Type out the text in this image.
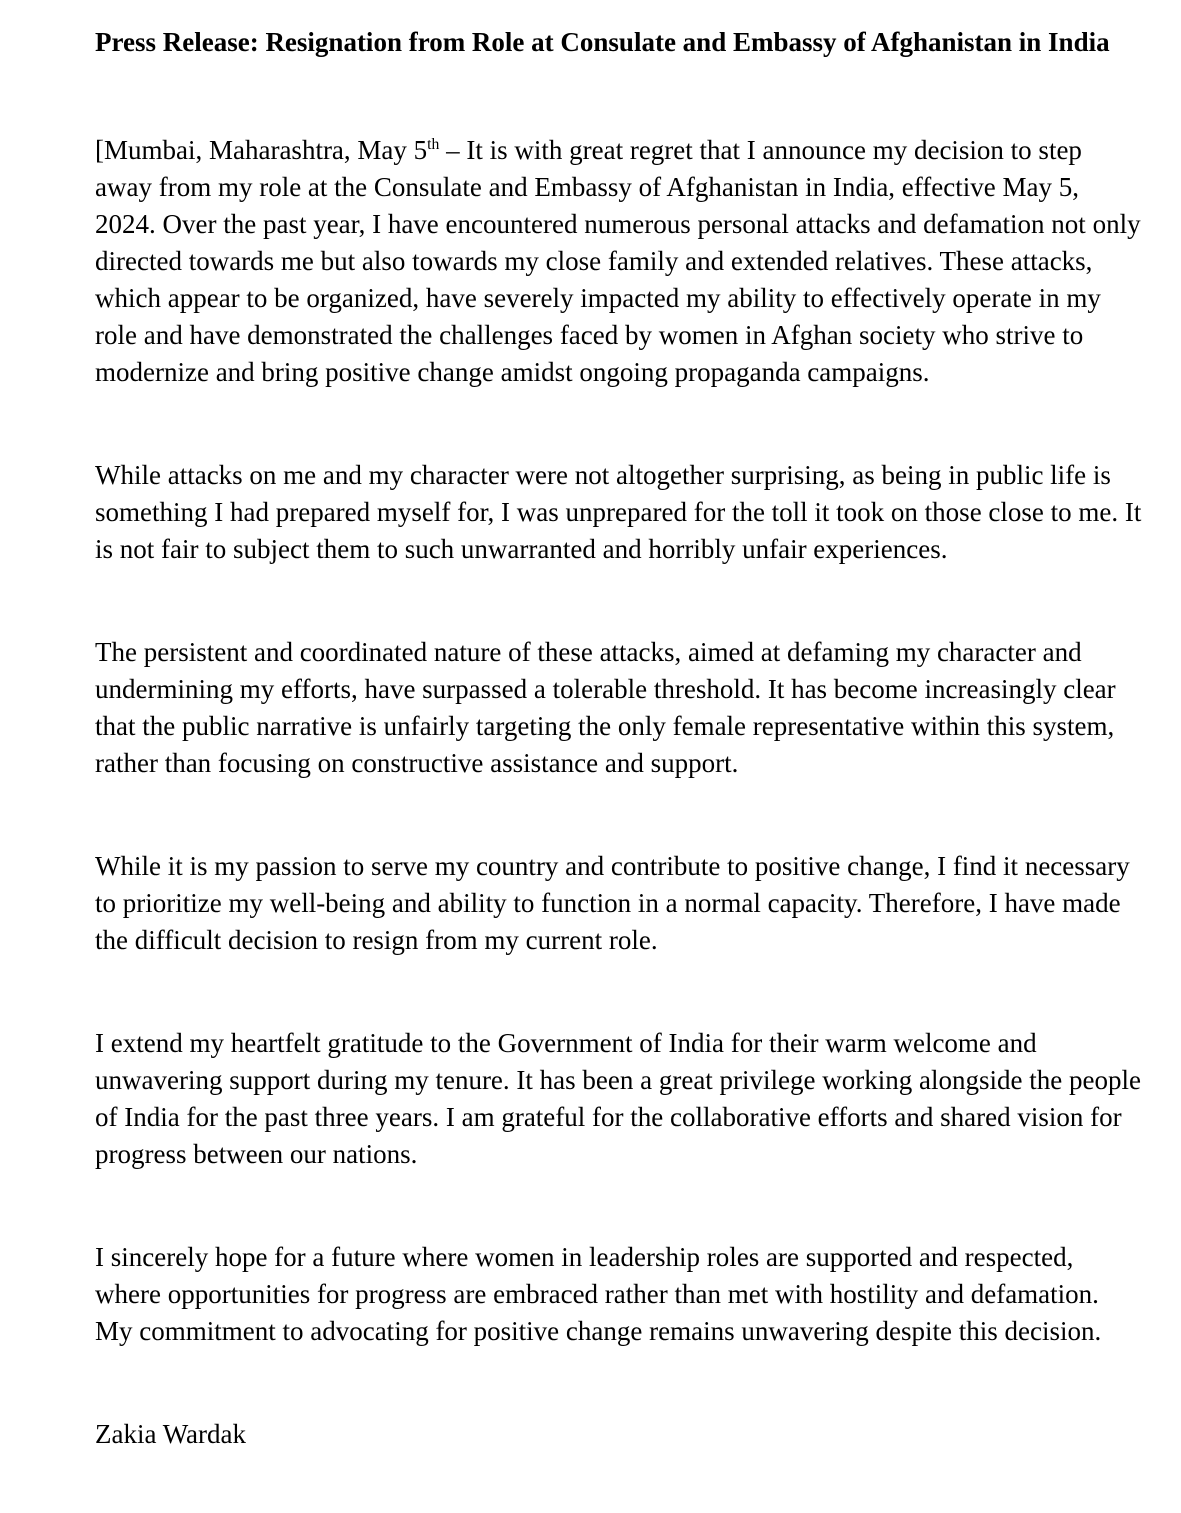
Press Release: Resignation from Role at Consulate and Embassy of Afghanistan in India

[Mumbai, Maharashtra, May 5th – It is with great regret that I announce my decision to step away from my role at the Consulate and Embassy of Afghanistan in India, effective May 5, 2024. Over the past year, I have encountered numerous personal attacks and defamation not only directed towards me but also towards my close family and extended relatives. These attacks, which appear to be organized, have severely impacted my ability to effectively operate in my role and have demonstrated the challenges faced by women in Afghan society who strive to modernize and bring positive change amidst ongoing propaganda campaigns.

While attacks on me and my character were not altogether surprising, as being in public life is something I had prepared myself for, I was unprepared for the toll it took on those close to me. It is not fair to subject them to such unwarranted and horribly unfair experiences.

The persistent and coordinated nature of these attacks, aimed at defaming my character and undermining my efforts, have surpassed a tolerable threshold. It has become increasingly clear that the public narrative is unfairly targeting the only female representative within this system, rather than focusing on constructive assistance and support.

While it is my passion to serve my country and contribute to positive change, I find it necessary to prioritize my well-being and ability to function in a normal capacity. Therefore, I have made the difficult decision to resign from my current role.

I extend my heartfelt gratitude to the Government of India for their warm welcome and unwavering support during my tenure. It has been a great privilege working alongside the people of India for the past three years. I am grateful for the collaborative efforts and shared vision for progress between our nations.

I sincerely hope for a future where women in leadership roles are supported and respected, where opportunities for progress are embraced rather than met with hostility and defamation. My commitment to advocating for positive change remains unwavering despite this decision.

Zakia Wardak
